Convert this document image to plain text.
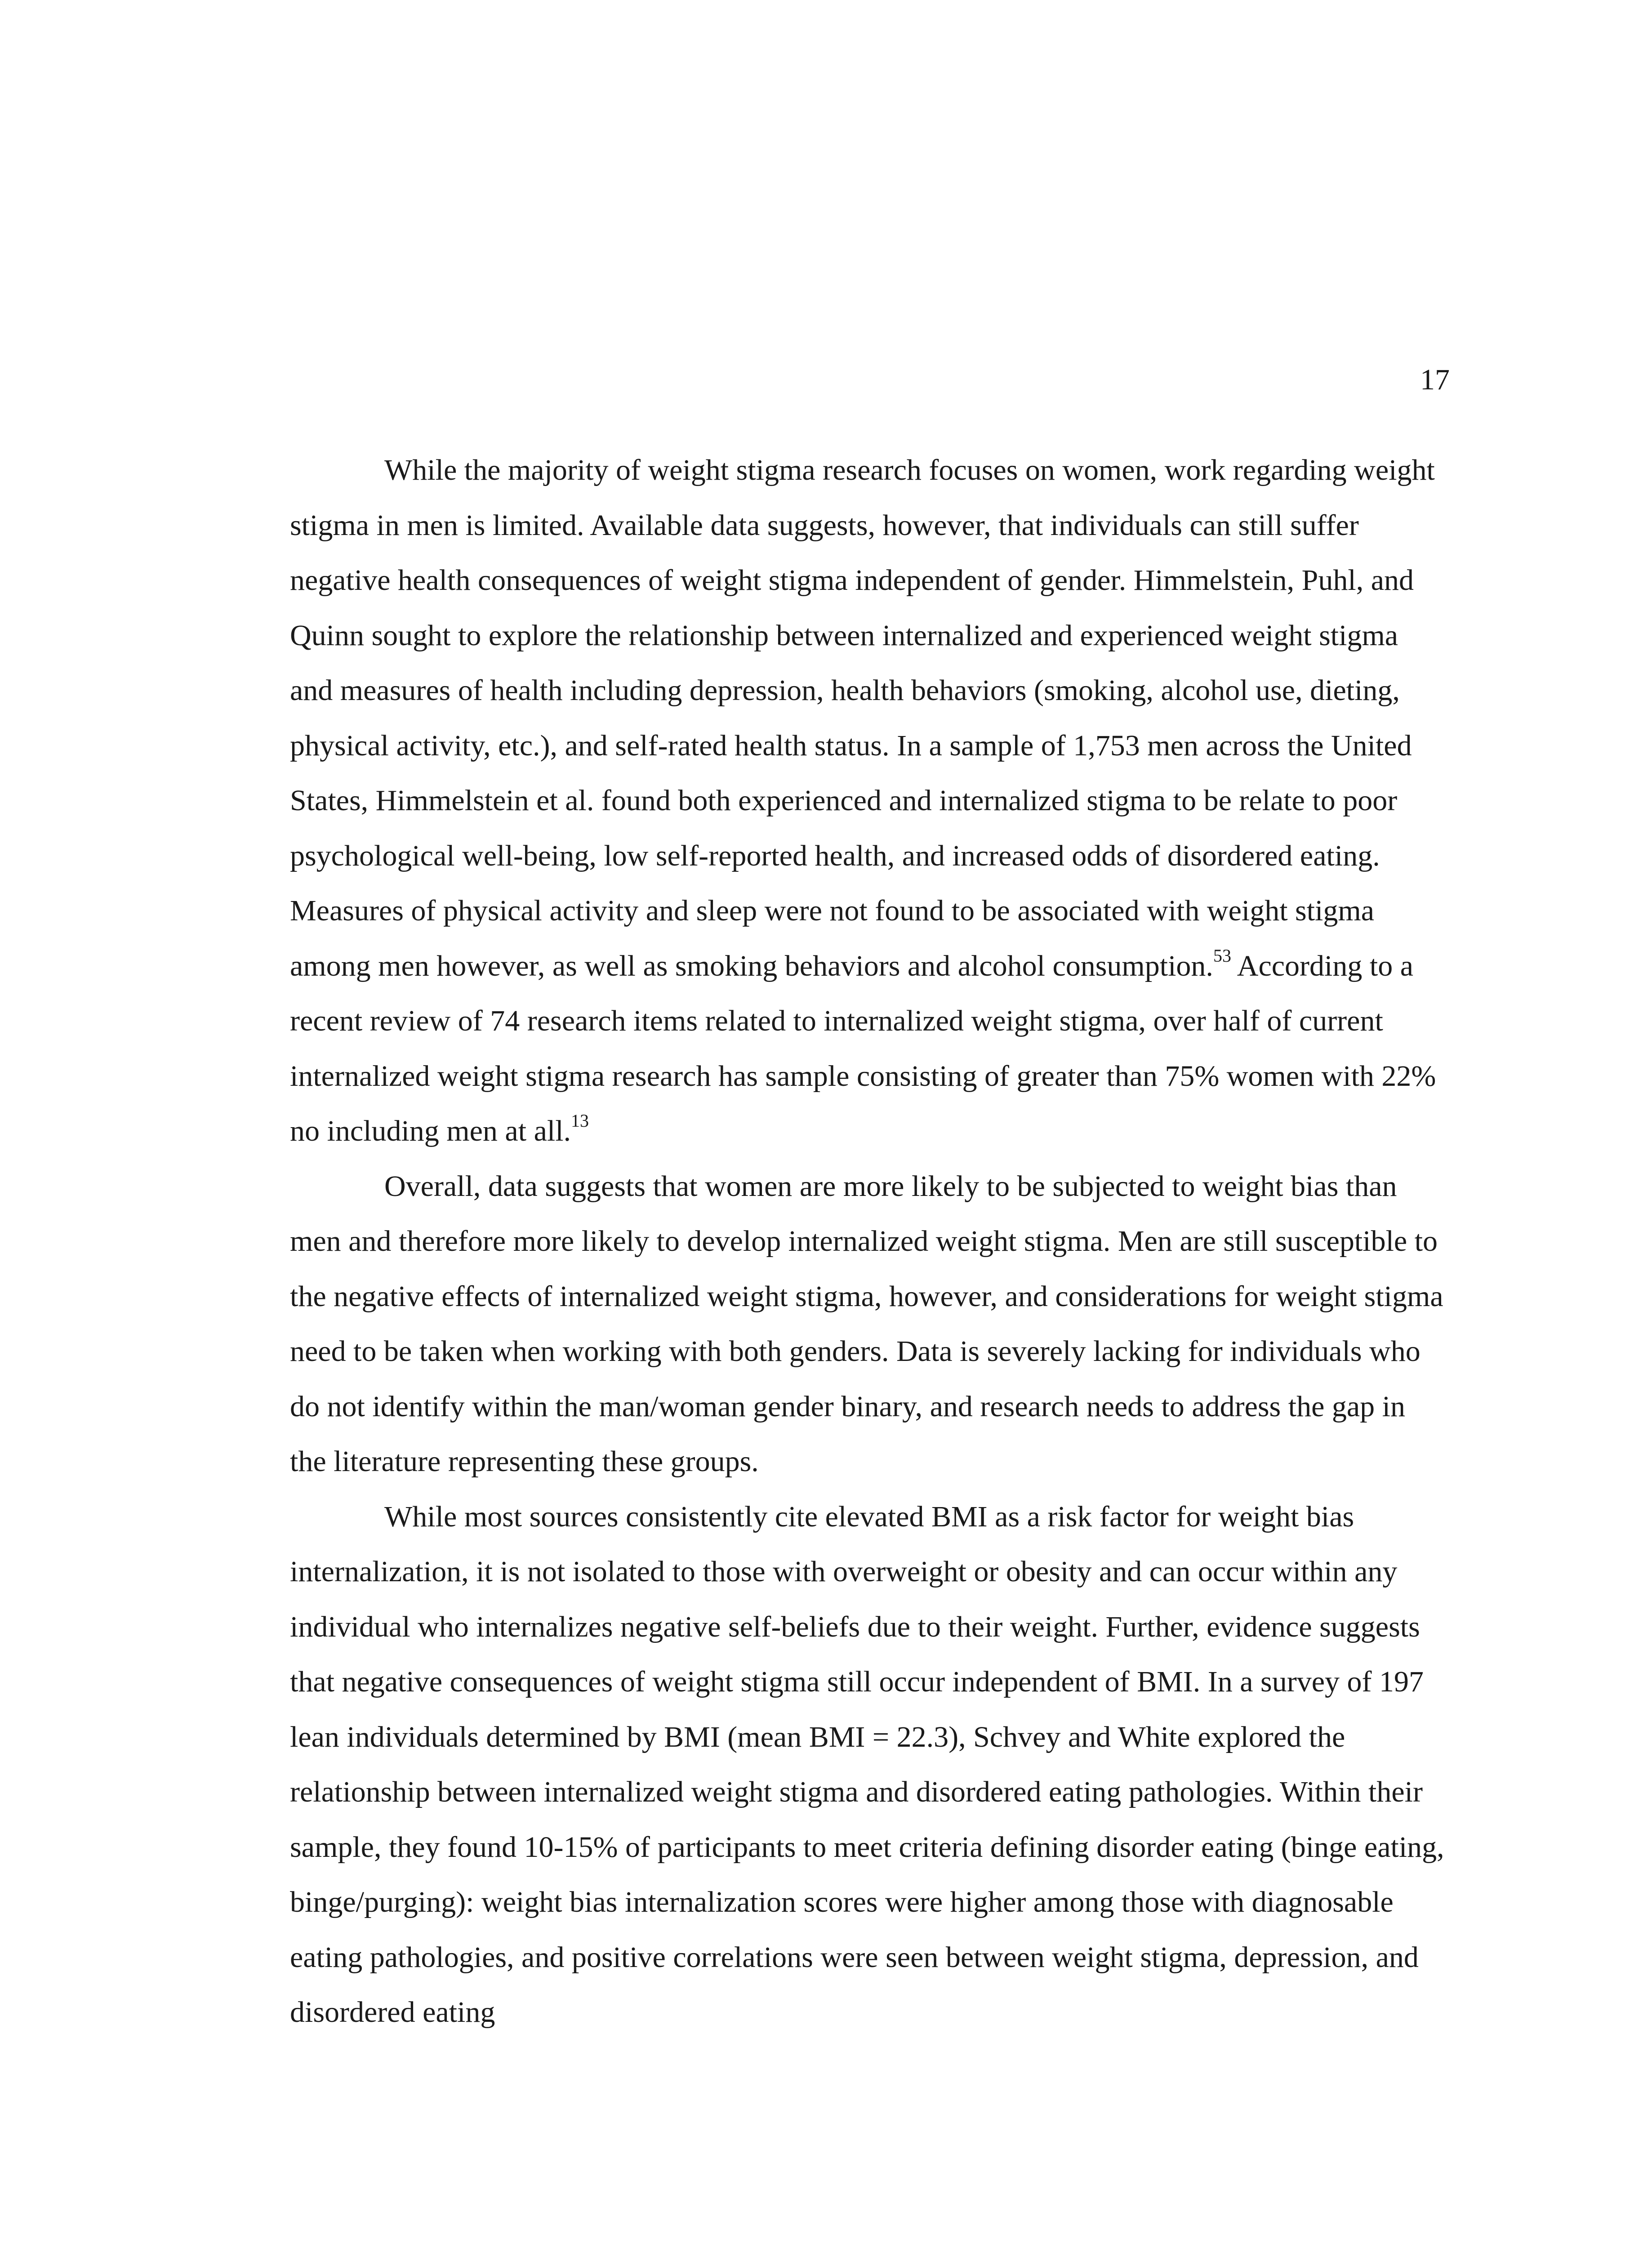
17

While the majority of weight stigma research focuses on women, work regarding weight stigma in men is limited. Available data suggests, however, that individuals can still suffer negative health consequences of weight stigma independent of gender. Himmelstein, Puhl, and Quinn sought to explore the relationship between internalized and experienced weight stigma and measures of health including depression, health behaviors (smoking, alcohol use, dieting, physical activity, etc.), and self-rated health status. In a sample of 1,753 men across the United States, Himmelstein et al. found both experienced and internalized stigma to be relate to poor psychological well-being, low self-reported health, and increased odds of disordered eating. Measures of physical activity and sleep were not found to be associated with weight stigma among men however, as well as smoking behaviors and alcohol consumption.$^{53}$ According to a recent review of 74 research items related to internalized weight stigma, over half of current internalized weight stigma research has sample consisting of greater than 75% women with 22% no including men at all.$^{13}$

Overall, data suggests that women are more likely to be subjected to weight bias than men and therefore more likely to develop internalized weight stigma. Men are still susceptible to the negative effects of internalized weight stigma, however, and considerations for weight stigma need to be taken when working with both genders. Data is severely lacking for individuals who do not identify within the man/woman gender binary, and research needs to address the gap in the literature representing these groups.

While most sources consistently cite elevated BMI as a risk factor for weight bias internalization, it is not isolated to those with overweight or obesity and can occur within any individual who internalizes negative self-beliefs due to their weight. Further, evidence suggests that negative consequences of weight stigma still occur independent of BMI. In a survey of 197 lean individuals determined by BMI (mean BMI = 22.3), Schvey and White explored the relationship between internalized weight stigma and disordered eating pathologies. Within their sample, they found 10-15% of participants to meet criteria defining disorder eating (binge eating, binge/purging): weight bias internalization scores were higher among those with diagnosable eating pathologies, and positive correlations were seen between weight stigma, depression, and disordered eating
